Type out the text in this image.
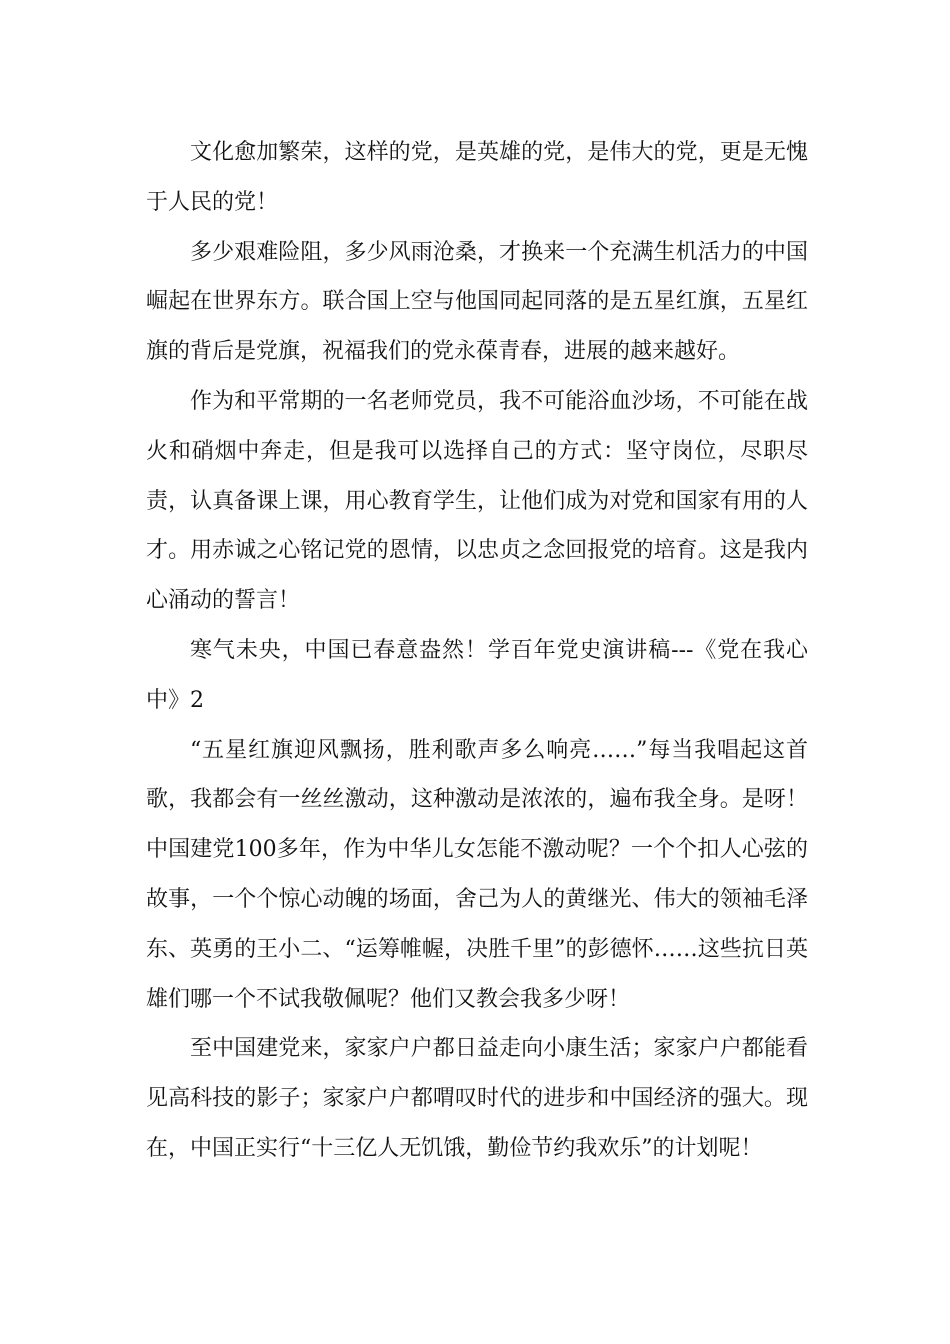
文化愈加繁荣，这样的党，是英雄的党，是伟大的党，更是无愧于人民的党！

多少艰难险阻，多少风雨沧桑，才换来一个充满生机活力的中国崛起在世界东方。联合国上空与他国同起同落的是五星红旗，五星红旗的背后是党旗，祝福我们的党永葆青春，进展的越来越好。

作为和平常期的一名老师党员，我不可能浴血沙场，不可能在战火和硝烟中奔走，但是我可以选择自己的方式：坚守岗位，尽职尽责，认真备课上课，用心教育学生，让他们成为对党和国家有用的人才。用赤诚之心铭记党的恩情，以忠贞之念回报党的培育。这是我内心涌动的誓言！

寒气未央，中国已春意盎然！学百年党史演讲稿---《党在我心中》2

“五星红旗迎风飘扬，胜利歌声多么响亮……”每当我唱起这首歌，我都会有一丝丝激动，这种激动是浓浓的，遍布我全身。是呀！中国建党100多年，作为中华儿女怎能不激动呢？一个个扣人心弦的故事，一个个惊心动魄的场面，舍己为人的黄继光、伟大的领袖毛泽东、英勇的王小二、“运筹帷幄，决胜千里”的彭德怀……这些抗日英雄们哪一个不试我敬佩呢？他们又教会我多少呀！

至中国建党来，家家户户都日益走向小康生活；家家户户都能看见高科技的影子；家家户户都喟叹时代的进步和中国经济的强大。现在，中国正实行“十三亿人无饥饿，勤俭节约我欢乐”的计划呢！
